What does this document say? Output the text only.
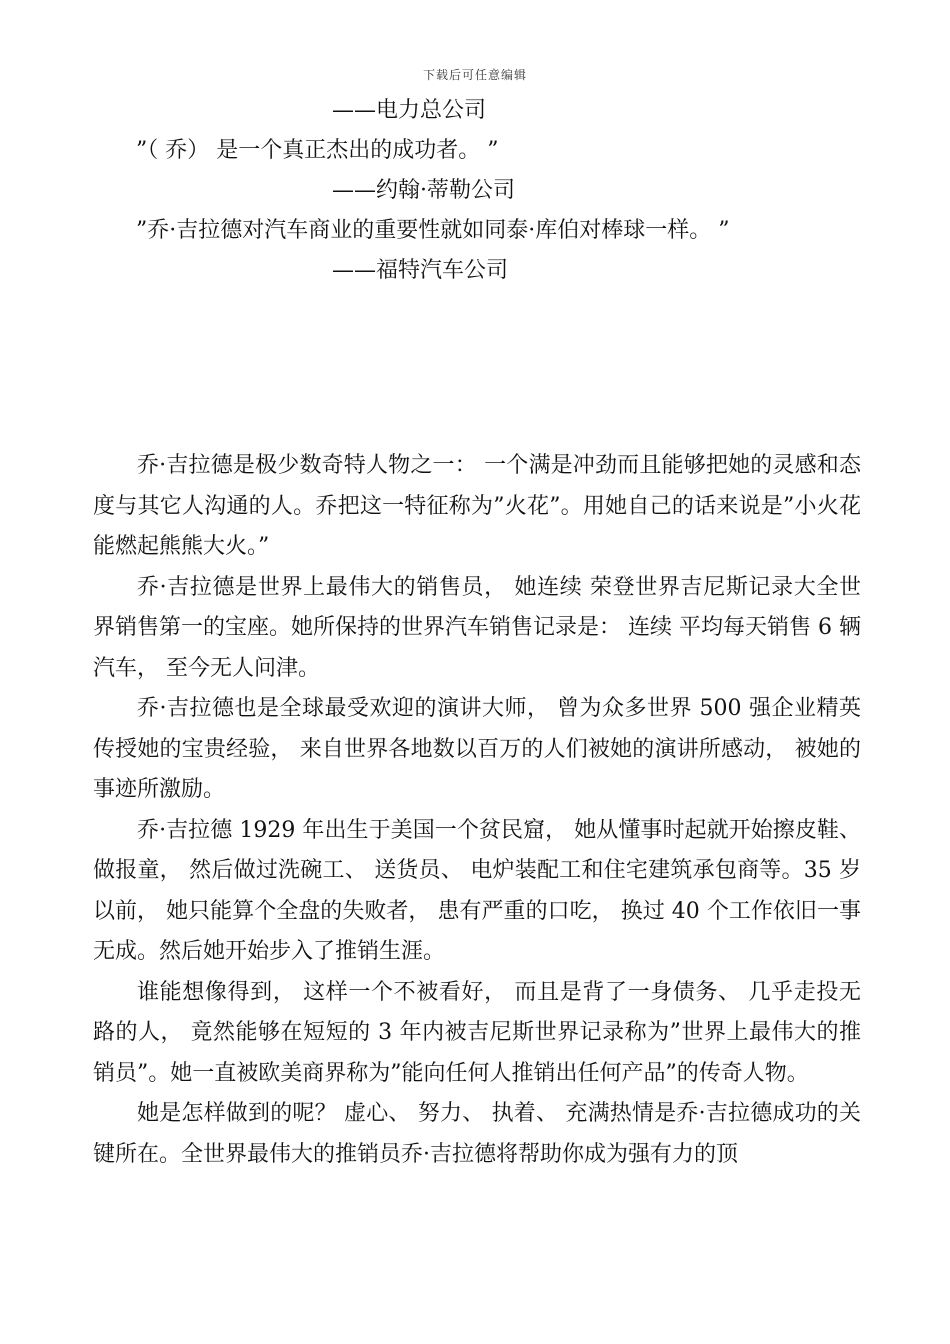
下载后可任意编辑
——电力总公司
”（ 乔） 是一个真正杰出的成功者。 ”
——约翰·蒂勒公司
”乔·吉拉德对汽车商业的重要性就如同泰·库伯对棒球一样。 ”
——福特汽车公司

乔·吉拉德是极少数奇特人物之一： 一个满是冲劲而且能够把她的灵感和态度与其它人沟通的人。乔把这一特征称为”火花”。用她自己的话来说是”小火花能燃起熊熊大火。”

乔·吉拉德是世界上最伟大的销售员， 她连续 荣登世界吉尼斯记录大全世界销售第一的宝座。她所保持的世界汽车销售记录是： 连续 平均每天销售 6 辆汽车， 至今无人问津。

乔·吉拉德也是全球最受欢迎的演讲大师， 曾为众多世界 500 强企业精英传授她的宝贵经验， 来自世界各地数以百万的人们被她的演讲所感动， 被她的事迹所激励。

乔·吉拉德 1929 年出生于美国一个贫民窟， 她从懂事时起就开始擦皮鞋、 做报童， 然后做过洗碗工、 送货员、 电炉装配工和住宅建筑承包商等。35 岁以前， 她只能算个全盘的失败者， 患有严重的口吃， 换过 40 个工作依旧一事无成。然后她开始步入了推销生涯。

谁能想像得到， 这样一个不被看好， 而且是背了一身债务、 几乎走投无路的人， 竟然能够在短短的 3 年内被吉尼斯世界记录称为”世界上最伟大的推销员”。她一直被欧美商界称为”能向任何人推销出任何产品”的传奇人物。

她是怎样做到的呢？ 虚心、 努力、 执着、 充满热情是乔·吉拉德成功的关键所在。全世界最伟大的推销员乔·吉拉德将帮助你成为强有力的顶
